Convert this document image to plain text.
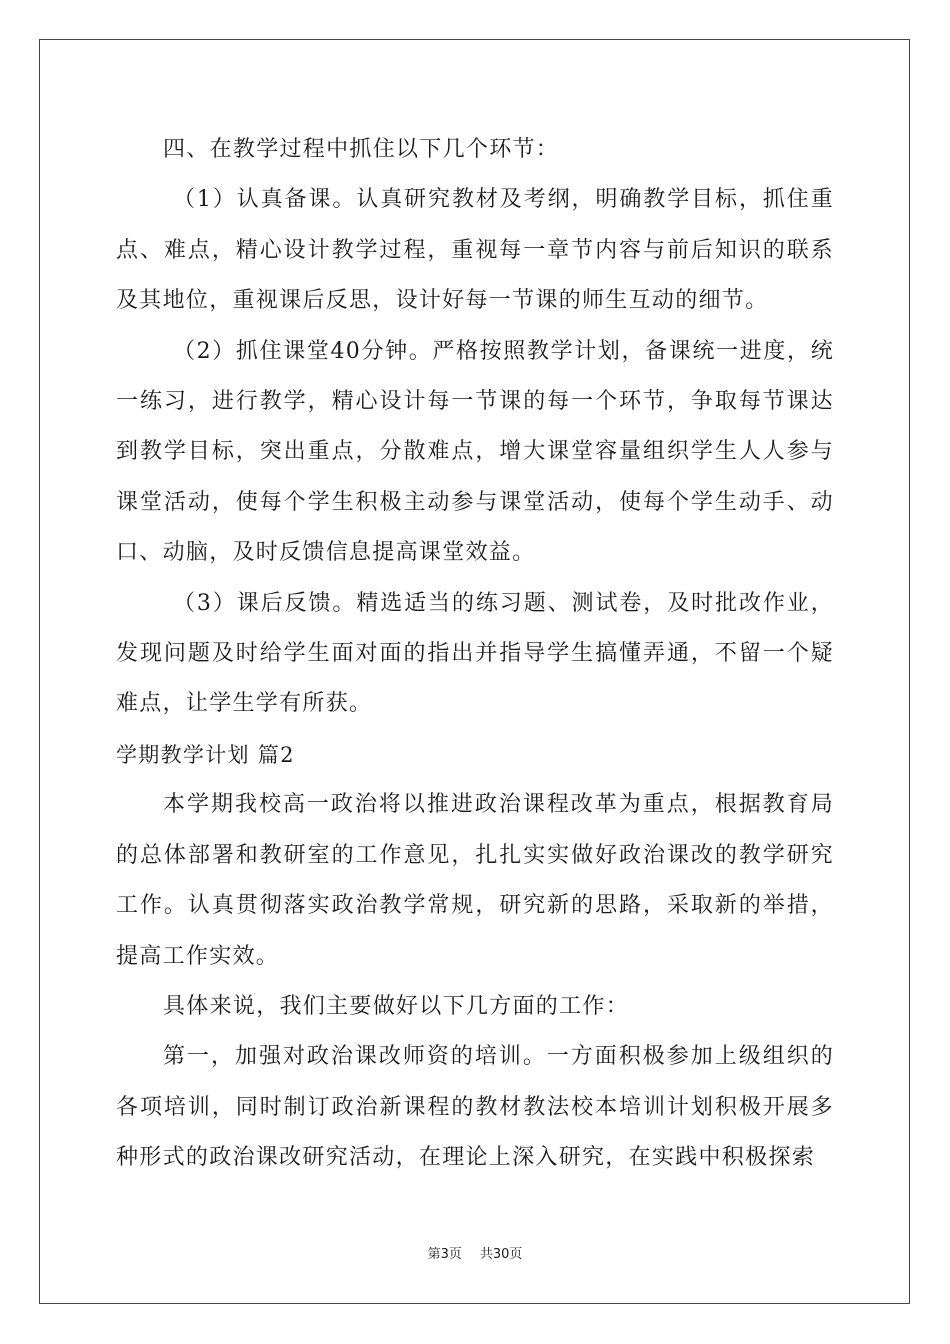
四、在教学过程中抓住以下几个环节：

（1）认真备课。认真研究教材及考纲，明确教学目标，抓住重点、难点，精心设计教学过程，重视每一章节内容与前后知识的联系及其地位，重视课后反思，设计好每一节课的师生互动的细节。

（2）抓住课堂40分钟。严格按照教学计划，备课统一进度，统一练习，进行教学，精心设计每一节课的每一个环节，争取每节课达到教学目标，突出重点，分散难点，增大课堂容量组织学生人人参与课堂活动，使每个学生积极主动参与课堂活动，使每个学生动手、动口、动脑，及时反馈信息提高课堂效益。

（3）课后反馈。精选适当的练习题、测试卷，及时批改作业，发现问题及时给学生面对面的指出并指导学生搞懂弄通，不留一个疑难点，让学生学有所获。

学期教学计划 篇2

本学期我校高一政治将以推进政治课程改革为重点，根据教育局的总体部署和教研室的工作意见，扎扎实实做好政治课改的教学研究工作。认真贯彻落实政治教学常规，研究新的思路，采取新的举措，提高工作实效。

具体来说，我们主要做好以下几方面的工作：

第一，加强对政治课改师资的培训。一方面积极参加上级组织的各项培训，同时制订政治新课程的教材教法校本培训计划积极开展多种形式的政治课改研究活动，在理论上深入研究，在实践中积极探索

第3页 共30页
